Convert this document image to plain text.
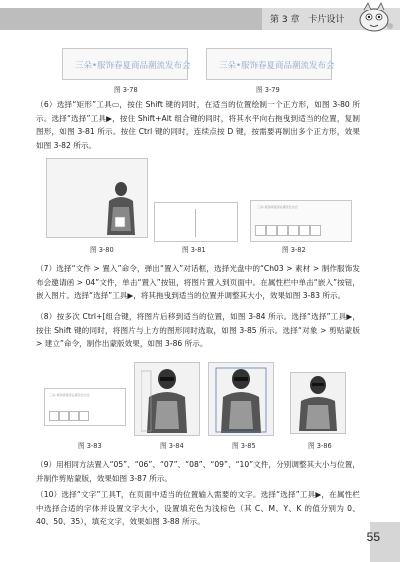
第 3 章 卡片设计
三朵•服饰春夏商品潮流发布会
图 3-78
三朵•服饰春夏商品潮流发布会
图 3-79
（6）选择“矩形”工具▭，按住 Shift 键的同时，在适当的位置绘制一个正方形，如图 3-80 所示。选择“选择”工具▶，按住 Shift+Alt 组合键的同时，将其水平向右拖曳到适当的位置，复制图形，如图 3-81 所示。按住 Ctrl 键的同时，连续点按 D 键，按需要再制出多个正方形，效果如图 3-82 所示。
图 3-80	图 3-81
三朵•服饰春夏商品潮流发布会
图 3-82
（7）选择“文件 > 置入”命令，弹出“置入”对话框，选择光盘中的“Ch03 > 素材 > 制作服饰发布会邀请函 > 04”文件，单击“置入”按钮，将图片置入到页面中。在属性栏中单击“嵌入”按钮，嵌入图片。选择“选择”工具▶，将其拖曳到适当的位置并调整其大小，效果如图 3-83 所示。
（8）按多次 Ctrl+[组合键，将图片后移到适当的位置，如图 3-84 所示。选择“选择”工具▶，按住 Shift 键的同时，将图片与上方的图形同时选取，如图 3-85 所示。选择“对象 > 剪贴蒙版 > 建立”命令，制作出蒙版效果，如图 3-86 所示。
三朵•服饰春夏商品潮流发布会
图 3-83	图 3-84	图 3-85	图 3-86
（9）用相同方法置入“05”、“06”、“07”、“08”、“09”、“10”文件，分别调整其大小与位置，并制作剪贴蒙版，效果如图 3-87 所示。
（10）选择“文字”工具T，在页面中适当的位置输入需要的文字。选择“选择”工具▶，在属性栏中选择合适的字体并设置文字大小，设置填充色为浅棕色（其 C、M、Y、K 的值分别为 0、40、50、35），填充文字，效果如图 3-88 所示。
55
